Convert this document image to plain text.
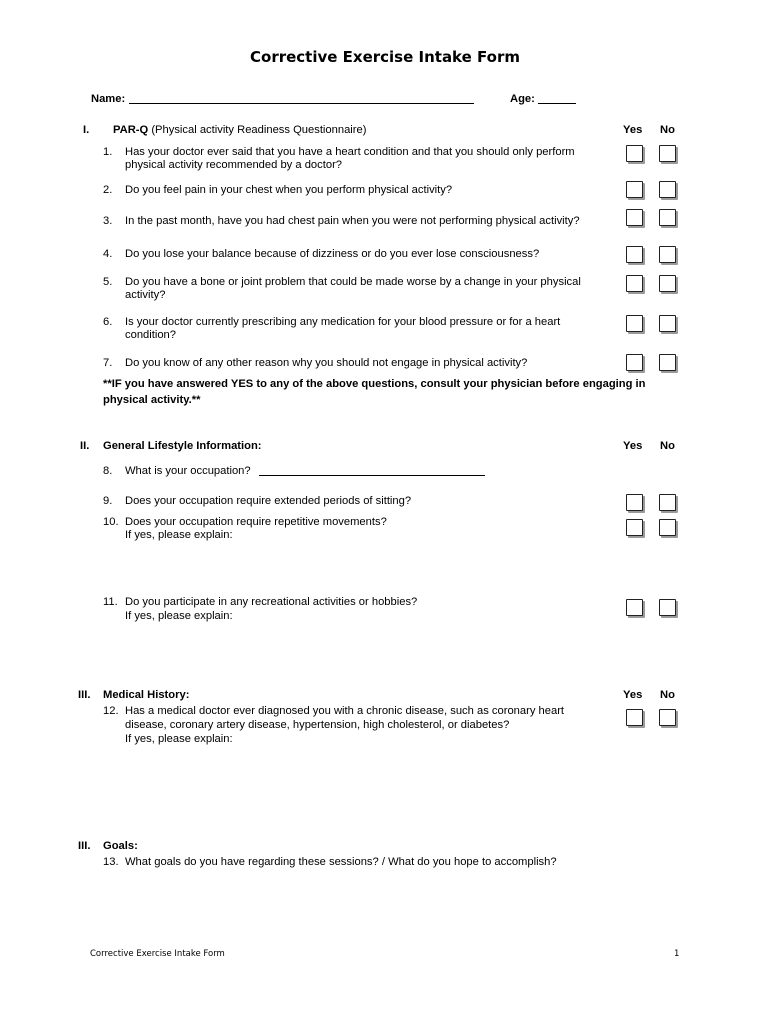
Corrective Exercise Intake Form
Name:	Age:
I. PAR-Q (Physical activity Readiness Questionnaire)	Yes No
1. Has your doctor ever said that you have a heart condition and that you should only perform
physical activity recommended by a doctor?
2. Do you feel pain in your chest when you perform physical activity?
3. In the past month, have you had chest pain when you were not performing physical activity?
4. Do you lose your balance because of dizziness or do you ever lose consciousness?
5. Do you have a bone or joint problem that could be made worse by a change in your physical
activity?
6. Is your doctor currently prescribing any medication for your blood pressure or for a heart
condition?
7. Do you know of any other reason why you should not engage in physical activity?
**IF you have answered YES to any of the above questions, consult your physician before engaging in
physical activity.**
II. General Lifestyle Information:	Yes No
8. What is your occupation?
9. Does your occupation require extended periods of sitting?
10. Does your occupation require repetitive movements?
If yes, please explain:
11. Do you participate in any recreational activities or hobbies?
If yes, please explain:
III. Medical History:	Yes No
12. Has a medical doctor ever diagnosed you with a chronic disease, such as coronary heart
disease, coronary artery disease, hypertension, high cholesterol, or diabetes?
If yes, please explain:
III. Goals:
13. What goals do you have regarding these sessions? / What do you hope to accomplish?
Corrective Exercise Intake Form	1
